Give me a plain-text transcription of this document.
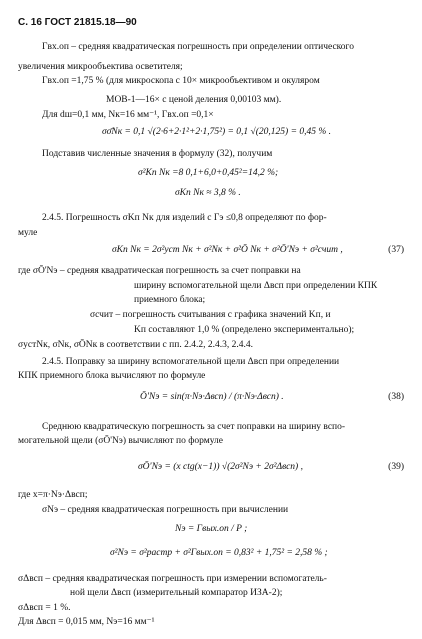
С. 16 ГОСТ 21815.18—90
Γвх.оп – средняя квадратическая погрешность при определении оптического
увеличения микрообъектива осветителя;
Γвх.оп =1,75 % (для микроскопа с 10× микрообъективом и окуляром
МОВ-1—16× с ценой деления 0,00103 мм).
Для dш=0,1 мм, Nк=16 мм⁻¹, Γвх.оп =0,1×
σσ̄Nк = 0,1 √(2·6+2·1²+2·1,75²) = 0,1 √(20,125) = 0,45 % .
Подставив численные значения в формулу (32), получим
σ²Kп Nк =8 0,1+6,0+0,45²=14,2 %;
σKп Nк ≈ 3,8 % .
2.4.5. Погрешность σKп Nк для изделий с Γэ ≤0,8 определяют по фор-
муле
σKп Nк = 2σ²уст Nк + σ²Nк + σ²Ō Nк + σ²Ō'Nэ + σ²счит ,	(37)
где σŌ'Nэ – средняя квадратическая погрешность за счет поправки на
ширину вспомогательной щели Δвсп при определении КПК
приемного блока;
σсчит – погрешность считывания с графика значений Kп, и
Kп составляют 1,0 % (определено экспериментально);
σустNк, σNк, σŌNк в соответствии с пп. 2.4.2, 2.4.3, 2.4.4.
2.4.5. Поправку за ширину вспомогательной щели Δвсп при определении
КПК приемного блока вычисляют по формуле
Ō'Nэ = sin(π·Nэ·Δвсп) / (π·Nэ·Δвсп) .	(38)
Среднюю квадратическую погрешность за счет поправки на ширину вспо-
могательной щели (σŌ'Nэ) вычисляют по формуле
σŌ'Nэ = (x ctg(x−1)) √(2σ²Nэ + 2σ²Δвсп) ,	(39)
где x=π·Nэ·Δвсп;
σNэ – средняя квадратическая погрешность при вычислении
Nэ = Γвых.оп / P ;
σ²Nэ = σ²растр + σ²Γвых.оп = 0,83² + 1,75² = 2,58 % ;
σΔвсп – средняя квадратическая погрешность при измерении вспомогатель-
ной щели Δвсп (измерительный компаратор ИЗА-2);
σΔвсп = 1 %.
Для Δвсп = 0,015 мм, Nэ=16 мм⁻¹
